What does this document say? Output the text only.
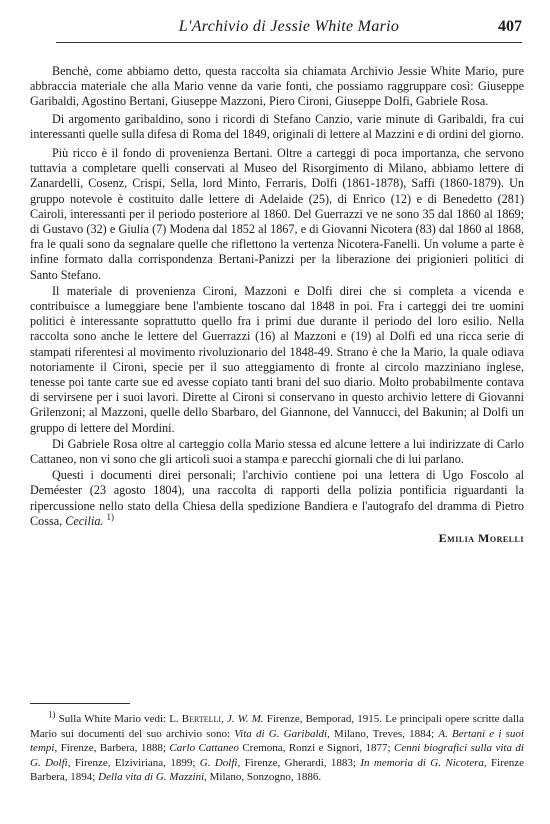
L'Archivio di Jessie White Mario	407

Benchè, come abbiamo detto, questa raccolta sia chiamata Archivio Jessie White Mario, pure abbraccia materiale che alla Mario venne da varie fonti, che possiamo raggruppare così: Giuseppe Garibaldi, Agostino Bertani, Giuseppe Mazzoni, Piero Cironi, Giuseppe Dolfi, Gabriele Rosa.

Di argomento garibaldino, sono i ricordi di Stefano Canzio, varie minute di Garibaldi, fra cui interessanti quelle sulla difesa di Roma del 1849, originali di lettere al Mazzini e di ordini del giorno.

Più ricco è il fondo di provenienza Bertani. Oltre a carteggi di poca importanza, che servono tuttavia a completare quelli conservati al Museo del Risorgimento di Milano, abbiamo lettere di Zanardelli, Cosenz, Crispi, Sella, lord Minto, Ferraris, Dolfi (1861-1878), Saffi (1860-1879). Un gruppo notevole è costituito dalle lettere di Adelaide (25), di Enrico (12) e di Benedetto (281) Cairoli, interessanti per il periodo posteriore al 1860. Del Guerrazzi ve ne sono 35 dal 1860 al 1869; di Gustavo (32) e Giulia (7) Modena dal 1852 al 1867, e di Giovanni Nicotera (83) dal 1860 al 1868, fra le quali sono da segnalare quelle che riflettono la vertenza Nicotera-Fanelli. Un volume a parte è infine formato dalla corrispondenza Bertani-Panizzi per la liberazione dei prigionieri politici di Santo Stefano.

Il materiale di provenienza Cironi, Mazzoni e Dolfi direi che si completa a vicenda e contribuisce a lumeggiare bene l'ambiente toscano dal 1848 in poi. Fra i carteggi dei tre uomini politici è interessante soprattutto quello fra i primi due durante il periodo del loro esilio. Nella raccolta sono anche le lettere del Guerrazzi (16) al Mazzoni e (19) al Dolfi ed una ricca serie di stampati riferentesi al movimento rivoluzionario del 1848-49. Strano è che la Mario, la quale odiava notoriamente il Cironi, specie per il suo atteggiamento di fronte al circolo mazziniano inglese, tenesse poi tante carte sue ed avesse copiato tanti brani del suo diario. Molto probabilmente contava di servirsene per i suoi lavori. Dirette al Cironi si conservano in questo archivio lettere di Giovanni Grilenzoni; al Mazzoni, quelle dello Sbarbaro, del Giannone, del Vannucci, del Bakunin; al Dolfi un gruppo di lettere del Mordini.

Di Gabriele Rosa oltre al carteggio colla Mario stessa ed alcune lettere a lui indirizzate di Carlo Cattaneo, non vi sono che gli articoli suoi a stampa e parecchi giornali che di lui parlano.

Questi i documenti direi personali; l'archivio contiene poi una lettera di Ugo Foscolo al Deméester (23 agosto 1804), una raccolta di rapporti della polizia pontificia riguardanti la ripercussione nello stato della Chiesa della spedizione Bandiera e l'autografo del dramma di Pietro Cossa, Cecilia. $^{1)}$

Emilia Morelli

$^{1)}$ Sulla White Mario vedi: L. Bertelli, J. W. M. Firenze, Bemporad, 1915. Le principali opere scritte dalla Mario sui documenti del suo archivio sono: Vita di G. Garibaldi, Milano, Treves, 1884; A. Bertani e i suoi tempi, Firenze, Barbera, 1888; Carlo Cattaneo Cremona, Ronzi e Signori, 1877; Cenni biografici sulla vita di G. Dolfi, Firenze, Elziviriana, 1899; G. Dolfi, Firenze, Gherardi, 1883; In memoria di G. Nicotera, Firenze Barbera, 1894; Della vita di G. Mazzini, Milano, Sonzogno, 1886.
